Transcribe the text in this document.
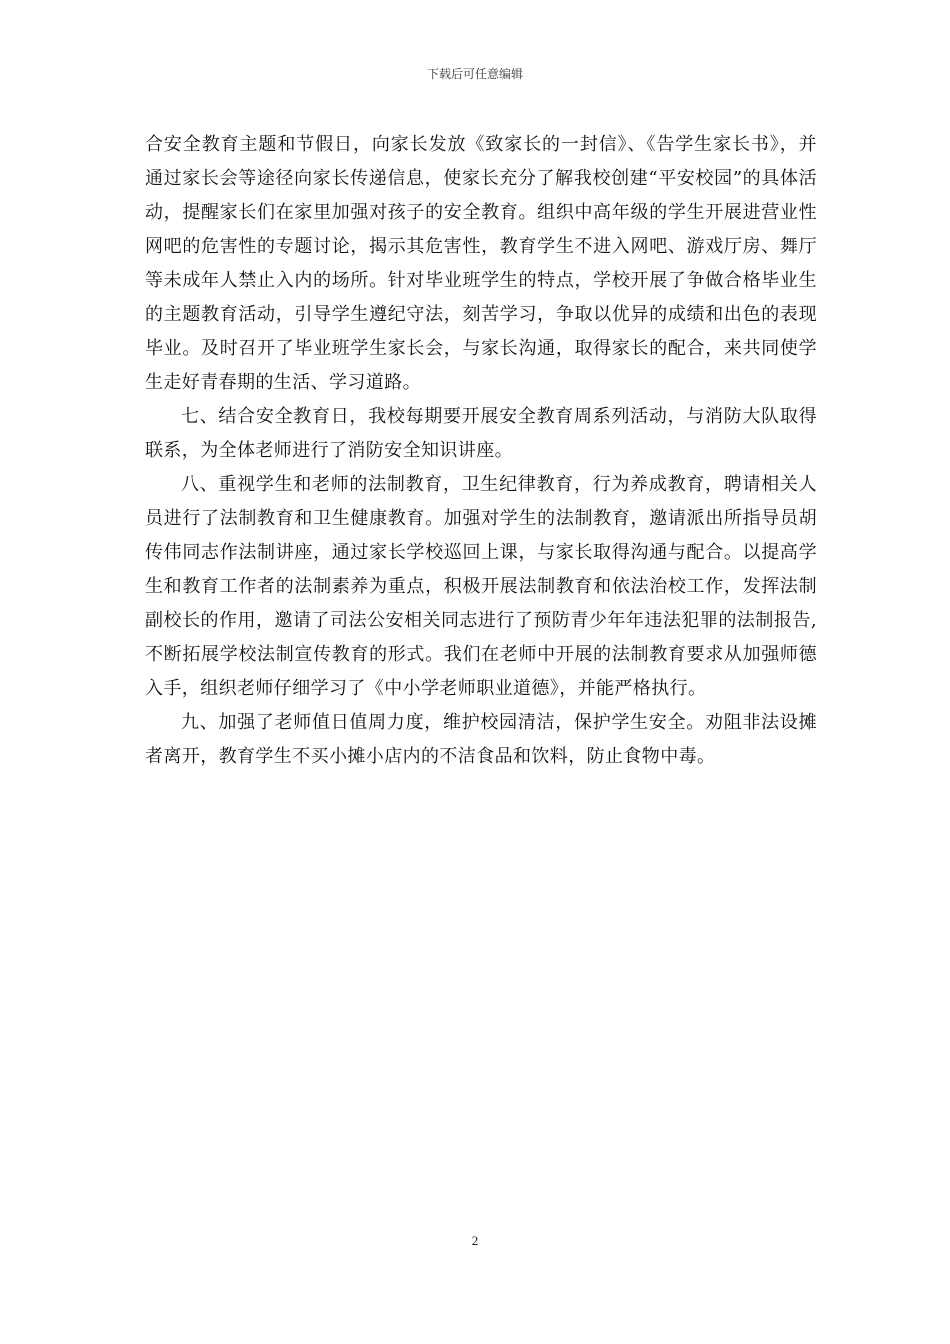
下载后可任意编辑

合安全教育主题和节假日，向家长发放《致家长的一封信》、《告学生家长书》，并通过家长会等途径向家长传递信息，使家长充分了解我校创建“平安校园”的具体活动，提醒家长们在家里加强对孩子的安全教育。组织中高年级的学生开展进营业性网吧的危害性的专题讨论，揭示其危害性，教育学生不进入网吧、游戏厅房、舞厅等未成年人禁止入内的场所。针对毕业班学生的特点，学校开展了争做合格毕业生的主题教育活动，引导学生遵纪守法，刻苦学习，争取以优异的成绩和出色的表现毕业。及时召开了毕业班学生家长会，与家长沟通，取得家长的配合，来共同使学生走好青春期的生活、学习道路。

七、结合安全教育日，我校每期要开展安全教育周系列活动，与消防大队取得联系，为全体老师进行了消防安全知识讲座。

八、重视学生和老师的法制教育，卫生纪律教育，行为养成教育，聘请相关人员进行了法制教育和卫生健康教育。加强对学生的法制教育，邀请派出所指导员胡传伟同志作法制讲座，通过家长学校巡回上课，与家长取得沟通与配合。以提高学生和教育工作者的法制素养为重点，积极开展法制教育和依法治校工作，发挥法制副校长的作用，邀请了司法公安相关同志进行了预防青少年年违法犯罪的法制报告,不断拓展学校法制宣传教育的形式。我们在老师中开展的法制教育要求从加强师德入手，组织老师仔细学习了《中小学老师职业道德》，并能严格执行。

九、加强了老师值日值周力度，维护校园清洁，保护学生安全。劝阻非法设摊者离开，教育学生不买小摊小店内的不洁食品和饮料，防止食物中毒。

2
